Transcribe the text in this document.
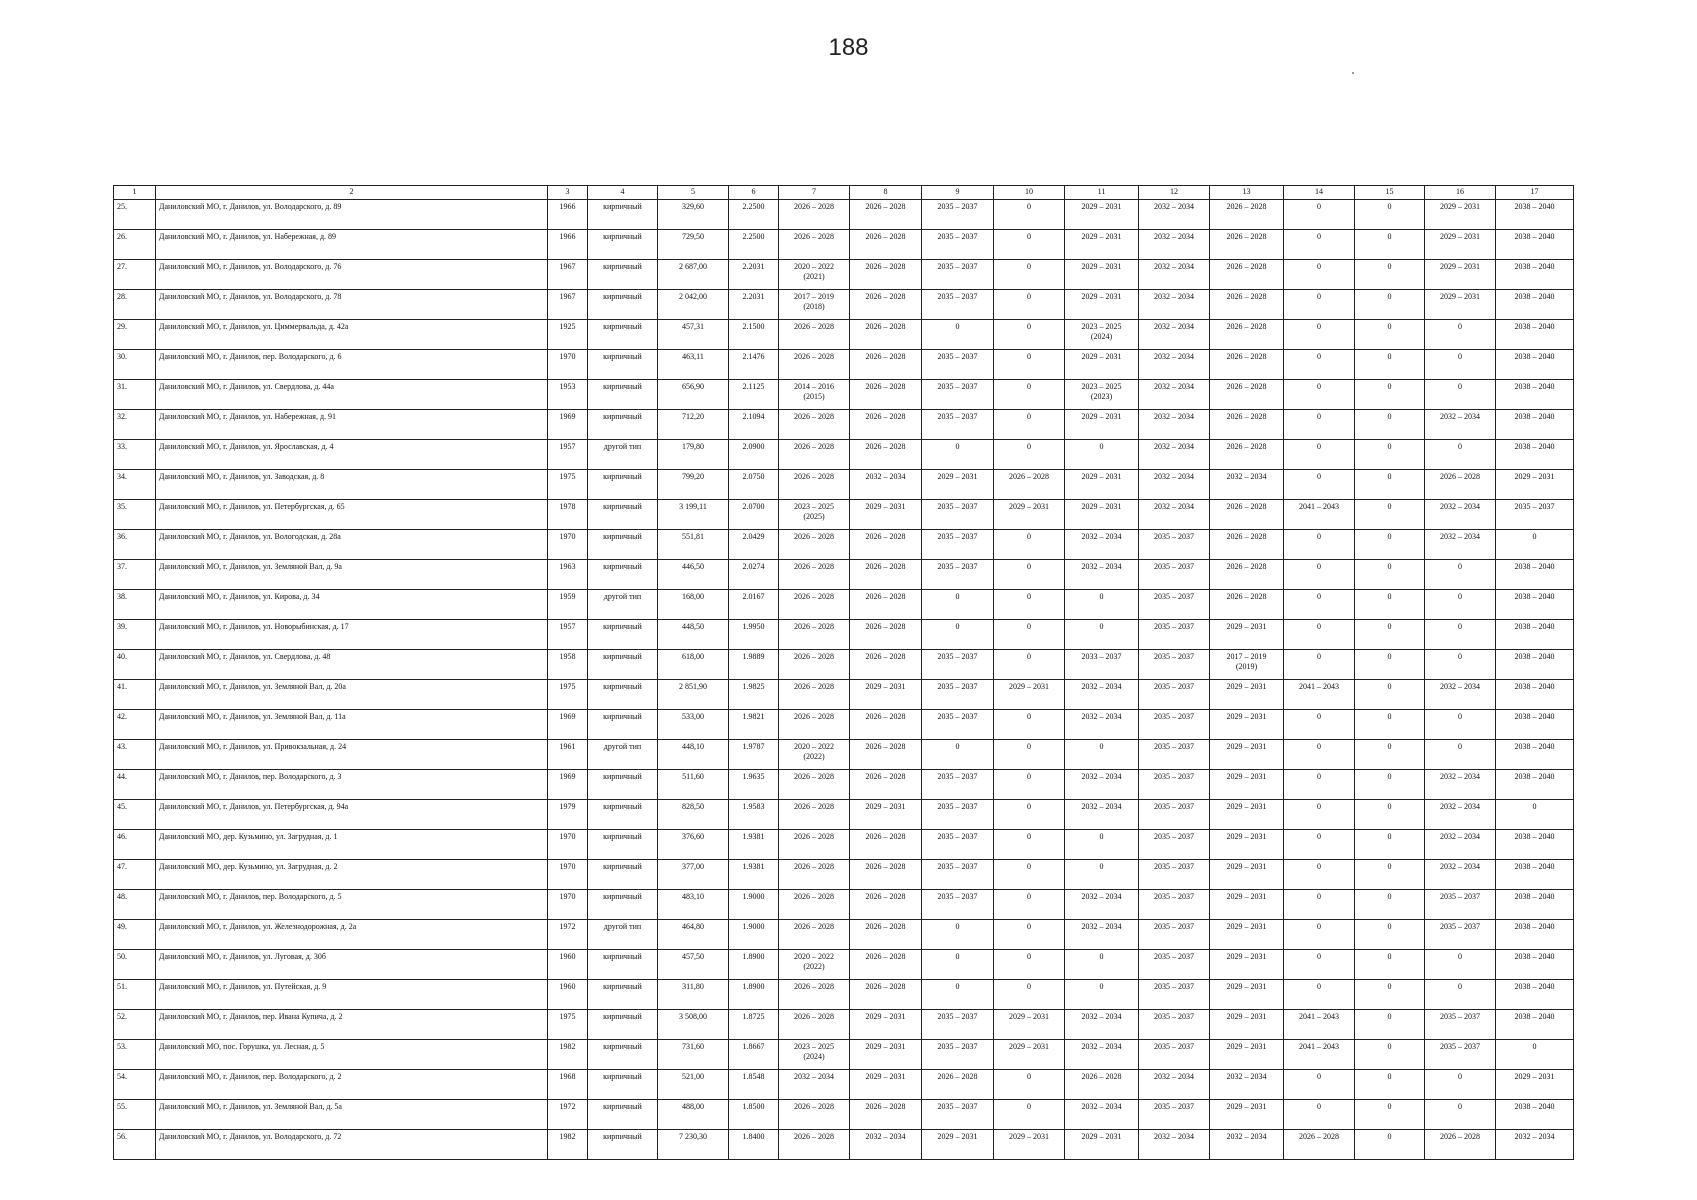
188
1	2	3	4	5	6	7	8	9	10	11	12	13	14	15	16	17
25.	Даниловский МО, г. Данилов, ул. Володарского, д. 89	1966	кирпичный	329,60	2.2500	2026 – 2028	2026 – 2028	2035 – 2037	0	2029 – 2031	2032 – 2034	2026 – 2028	0	0	2029 – 2031	2038 – 2040
26.	Даниловский МО, г. Данилов, ул. Набережная, д. 89	1966	кирпичный	729,50	2.2500	2026 – 2028	2026 – 2028	2035 – 2037	0	2029 – 2031	2032 – 2034	2026 – 2028	0	0	2029 – 2031	2038 – 2040
27.	Даниловский МО, г. Данилов, ул. Володарского, д. 76	1967	кирпичный	2 687,00	2.2031	2020 – 2022
(2021)	2026 – 2028	2035 – 2037	0	2029 – 2031	2032 – 2034	2026 – 2028	0	0	2029 – 2031	2038 – 2040
28.	Даниловский МО, г. Данилов, ул. Володарского, д. 78	1967	кирпичный	2 042,00	2.2031	2017 – 2019
(2018)	2026 – 2028	2035 – 2037	0	2029 – 2031	2032 – 2034	2026 – 2028	0	0	2029 – 2031	2038 – 2040
29.	Даниловский МО, г. Данилов, ул. Циммервальда, д. 42а	1925	кирпичный	457,31	2.1500	2026 – 2028	2026 – 2028	0	0	2023 – 2025
(2024)	2032 – 2034	2026 – 2028	0	0	0	2038 – 2040
30.	Даниловский МО, г. Данилов, пер. Володарского, д. 6	1970	кирпичный	463,11	2.1476	2026 – 2028	2026 – 2028	2035 – 2037	0	2029 – 2031	2032 – 2034	2026 – 2028	0	0	0	2038 – 2040
31.	Даниловский МО, г. Данилов, ул. Свердлова, д. 44а	1953	кирпичный	656,90	2.1125	2014 – 2016
(2015)	2026 – 2028	2035 – 2037	0	2023 – 2025
(2023)	2032 – 2034	2026 – 2028	0	0	0	2038 – 2040
32.	Даниловский МО, г. Данилов, ул. Набережная, д. 91	1969	кирпичный	712,20	2.1094	2026 – 2028	2026 – 2028	2035 – 2037	0	2029 – 2031	2032 – 2034	2026 – 2028	0	0	2032 – 2034	2038 – 2040
33.	Даниловский МО, г. Данилов, ул. Ярославская, д. 4	1957	другой тип	179,80	2.0900	2026 – 2028	2026 – 2028	0	0	0	2032 – 2034	2026 – 2028	0	0	0	2038 – 2040
34.	Даниловский МО, г. Данилов, ул. Заводская, д. 8	1975	кирпичный	799,20	2.0750	2026 – 2028	2032 – 2034	2029 – 2031	2026 – 2028	2029 – 2031	2032 – 2034	2032 – 2034	0	0	2026 – 2028	2029 – 2031
35.	Даниловский МО, г. Данилов, ул. Петербургская, д. 65	1978	кирпичный	3 199,11	2.0700	2023 – 2025
(2025)	2029 – 2031	2035 – 2037	2029 – 2031	2029 – 2031	2032 – 2034	2026 – 2028	2041 – 2043	0	2032 – 2034	2035 – 2037
36.	Даниловский МО, г. Данилов, ул. Вологодская, д. 28а	1970	кирпичный	551,81	2.0429	2026 – 2028	2026 – 2028	2035 – 2037	0	2032 – 2034	2035 – 2037	2026 – 2028	0	0	2032 – 2034	0
37.	Даниловский МО, г. Данилов, ул. Земляной Вал, д. 9а	1963	кирпичный	446,50	2.0274	2026 – 2028	2026 – 2028	2035 – 2037	0	2032 – 2034	2035 – 2037	2026 – 2028	0	0	0	2038 – 2040
38.	Даниловский МО, г. Данилов, ул. Кирова, д. 34	1959	другой тип	168,00	2.0167	2026 – 2028	2026 – 2028	0	0	0	2035 – 2037	2026 – 2028	0	0	0	2038 – 2040
39.	Даниловский МО, г. Данилов, ул. Новорыбинская, д. 17	1957	кирпичный	448,50	1.9950	2026 – 2028	2026 – 2028	0	0	0	2035 – 2037	2029 – 2031	0	0	0	2038 – 2040
40.	Даниловский МО, г. Данилов, ул. Свердлова, д. 48	1958	кирпичный	618,00	1.9889	2026 – 2028	2026 – 2028	2035 – 2037	0	2033 – 2037	2035 – 2037	2017 – 2019
(2019)	0	0	0	2038 – 2040
41.	Даниловский МО, г. Данилов, ул. Земляной Вал, д. 20а	1975	кирпичный	2 851,90	1.9825	2026 – 2028	2029 – 2031	2035 – 2037	2029 – 2031	2032 – 2034	2035 – 2037	2029 – 2031	2041 – 2043	0	2032 – 2034	2038 – 2040
42.	Даниловский МО, г. Данилов, ул. Земляной Вал, д. 11а	1969	кирпичный	533,00	1.9821	2026 – 2028	2026 – 2028	2035 – 2037	0	2032 – 2034	2035 – 2037	2029 – 2031	0	0	0	2038 – 2040
43.	Даниловский МО, г. Данилов, ул. Привокзальная, д. 24	1961	другой тип	448,10	1.9787	2020 – 2022
(2022)	2026 – 2028	0	0	0	2035 – 2037	2029 – 2031	0	0	0	2038 – 2040
44.	Даниловский МО, г. Данилов, пер. Володарского, д. 3	1969	кирпичный	511,60	1.9635	2026 – 2028	2026 – 2028	2035 – 2037	0	2032 – 2034	2035 – 2037	2029 – 2031	0	0	2032 – 2034	2038 – 2040
45.	Даниловский МО, г. Данилов, ул. Петербургская, д. 94а	1979	кирпичный	828,50	1.9583	2026 – 2028	2029 – 2031	2035 – 2037	0	2032 – 2034	2035 – 2037	2029 – 2031	0	0	2032 – 2034	0
46.	Даниловский МО, дер. Кузьмино, ул. Загрудная, д. 1	1970	кирпичный	376,60	1.9381	2026 – 2028	2026 – 2028	2035 – 2037	0	0	2035 – 2037	2029 – 2031	0	0	2032 – 2034	2038 – 2040
47.	Даниловский МО, дер. Кузьмино, ул. Загрудная, д. 2	1970	кирпичный	377,00	1.9381	2026 – 2028	2026 – 2028	2035 – 2037	0	0	2035 – 2037	2029 – 2031	0	0	2032 – 2034	2038 – 2040
48.	Даниловский МО, г. Данилов, пер. Володарского, д. 5	1970	кирпичный	483,10	1.9000	2026 – 2028	2026 – 2028	2035 – 2037	0	2032 – 2034	2035 – 2037	2029 – 2031	0	0	2035 – 2037	2038 – 2040
49.	Даниловский МО, г. Данилов, ул. Железнодорожная, д. 2а	1972	другой тип	464,80	1.9000	2026 – 2028	2026 – 2028	0	0	2032 – 2034	2035 – 2037	2029 – 2031	0	0	2035 – 2037	2038 – 2040
50.	Даниловский МО, г. Данилов, ул. Луговая, д. 30б	1960	кирпичный	457,50	1.8900	2020 – 2022
(2022)	2026 – 2028	0	0	0	2035 – 2037	2029 – 2031	0	0	0	2038 – 2040
51.	Даниловский МО, г. Данилов, ул. Путейская, д. 9	1960	кирпичный	311,80	1.8900	2026 – 2028	2026 – 2028	0	0	0	2035 – 2037	2029 – 2031	0	0	0	2038 – 2040
52.	Даниловский МО, г. Данилов, пер. Ивана Купича, д. 2	1975	кирпичный	3 508,00	1.8725	2026 – 2028	2029 – 2031	2035 – 2037	2029 – 2031	2032 – 2034	2035 – 2037	2029 – 2031	2041 – 2043	0	2035 – 2037	2038 – 2040
53.	Даниловский МО, пос. Горушка, ул. Лесная, д. 5	1982	кирпичный	731,60	1.8667	2023 – 2025
(2024)	2029 – 2031	2035 – 2037	2029 – 2031	2032 – 2034	2035 – 2037	2029 – 2031	2041 – 2043	0	2035 – 2037	0
54.	Даниловский МО, г. Данилов, пер. Володарского, д. 2	1968	кирпичный	521,00	1.8548	2032 – 2034	2029 – 2031	2026 – 2028	0	2026 – 2028	2032 – 2034	2032 – 2034	0	0	0	2029 – 2031
55.	Даниловский МО, г. Данилов, ул. Земляной Вал, д. 5а	1972	кирпичный	488,00	1.8500	2026 – 2028	2026 – 2028	2035 – 2037	0	2032 – 2034	2035 – 2037	2029 – 2031	0	0	0	2038 – 2040
56.	Даниловский МО, г. Данилов, ул. Володарского, д. 72	1982	кирпичный	7 230,30	1.8400	2026 – 2028	2032 – 2034	2029 – 2031	2029 – 2031	2029 – 2031	2032 – 2034	2032 – 2034	2026 – 2028	0	2026 – 2028	2032 – 2034
